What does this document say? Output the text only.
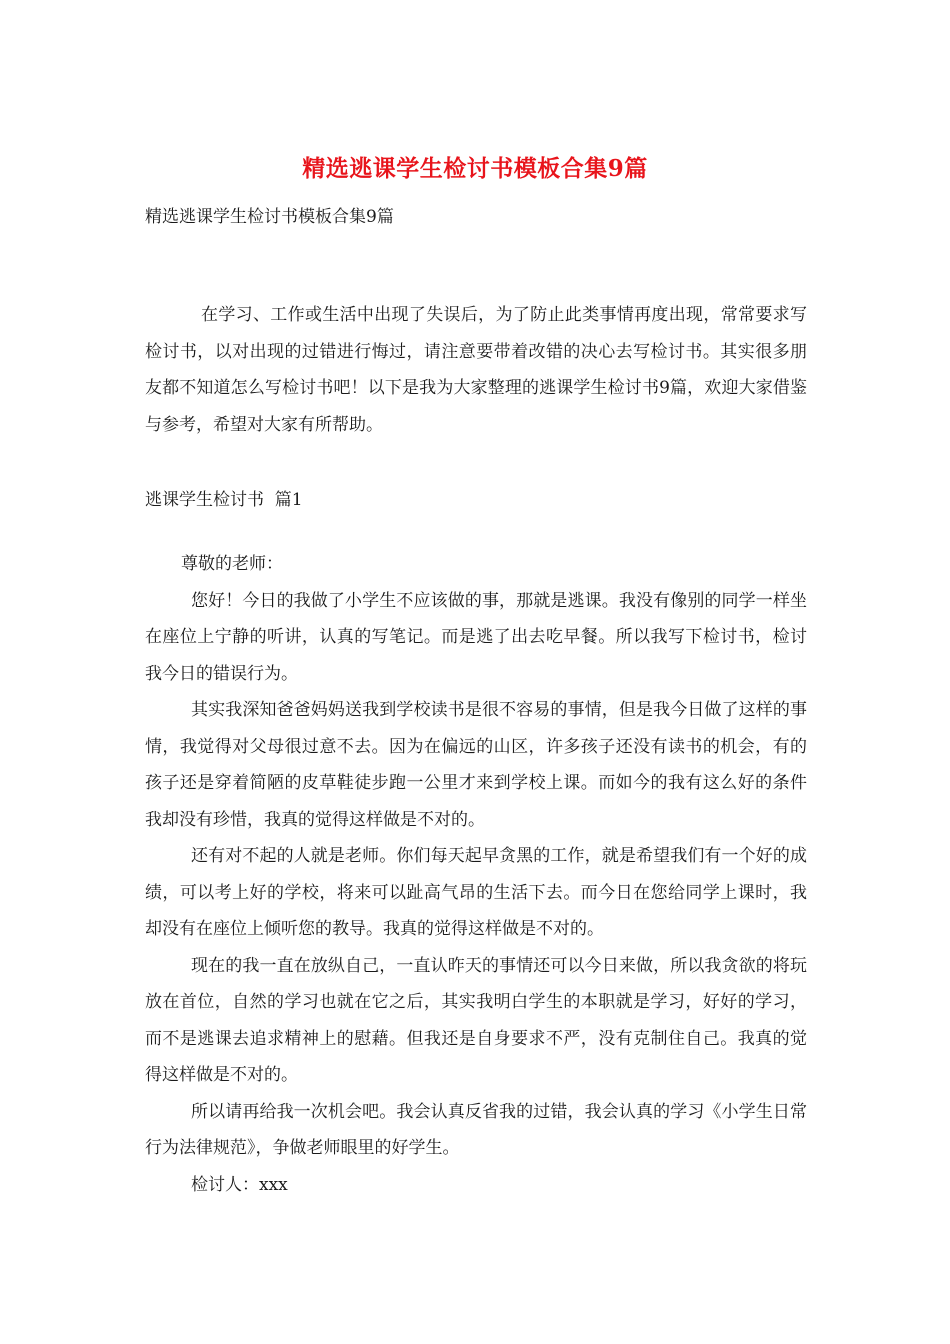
精选逃课学生检讨书模板合集9篇

精选逃课学生检讨书模板合集9篇

在学习、工作或生活中出现了失误后，为了防止此类事情再度出现，常常要求写检讨书，以对出现的过错进行悔过，请注意要带着改错的决心去写检讨书。其实很多朋友都不知道怎么写检讨书吧！以下是我为大家整理的逃课学生检讨书9篇，欢迎大家借鉴与参考，希望对大家有所帮助。

逃课学生检讨书  篇1

尊敬的老师：

您好！今日的我做了小学生不应该做的事，那就是逃课。我没有像别的同学一样坐在座位上宁静的听讲，认真的写笔记。而是逃了出去吃早餐。所以我写下检讨书，检讨我今日的错误行为。

其实我深知爸爸妈妈送我到学校读书是很不容易的事情，但是我今日做了这样的事情，我觉得对父母很过意不去。因为在偏远的山区，许多孩子还没有读书的机会，有的孩子还是穿着简陋的皮草鞋徒步跑一公里才来到学校上课。而如今的我有这么好的条件我却没有珍惜，我真的觉得这样做是不对的。

还有对不起的人就是老师。你们每天起早贪黑的工作，就是希望我们有一个好的成绩，可以考上好的学校，将来可以趾高气昂的生活下去。而今日在您给同学上课时，我却没有在座位上倾听您的教导。我真的觉得这样做是不对的。

现在的我一直在放纵自己，一直认昨天的事情还可以今日来做，所以我贪欲的将玩放在首位，自然的学习也就在它之后，其实我明白学生的本职就是学习，好好的学习，而不是逃课去追求精神上的慰藉。但我还是自身要求不严，没有克制住自己。我真的觉得这样做是不对的。

所以请再给我一次机会吧。我会认真反省我的过错，我会认真的学习《小学生日常行为法律规范》，争做老师眼里的好学生。

检讨人：xxx
